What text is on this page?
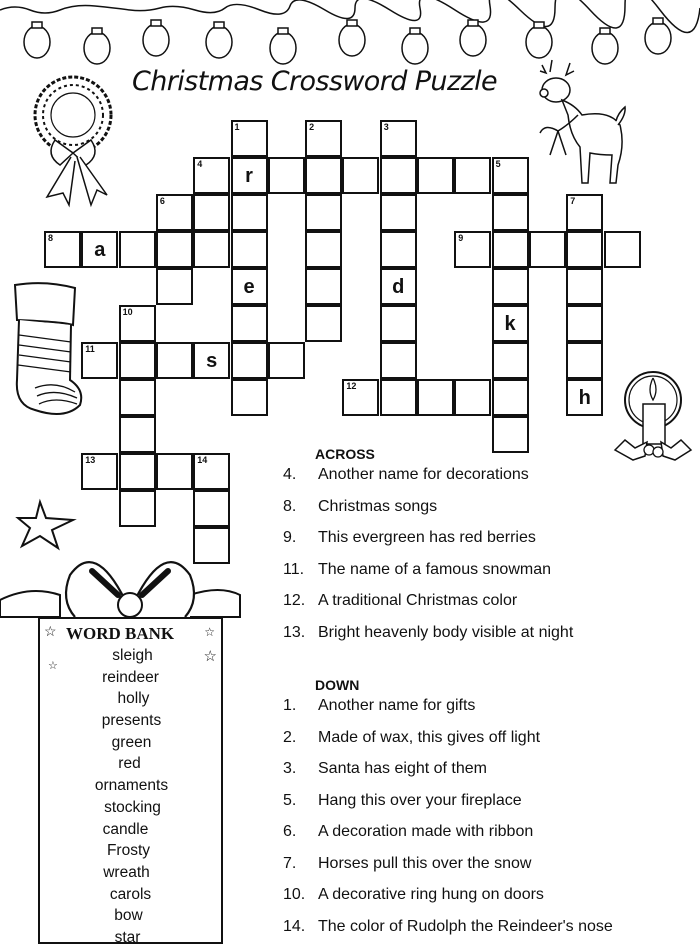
Christmas Crossword Puzzle
1	2	3
4
r
5
6	7
8
a
9
e	d
10
k
11
s
12
h
13	14	ACROSS
4.	Another name for decorations
8.	Christmas songs
9.	This evergreen has red berries
11. The name of a famous snowman
12. A traditional Christmas color
13. Bright heavenly body visible at night
DOWN
1.	Another name for gifts
2.	Made of wax, this gives off light
3.	Santa has eight of them
5.	Hang this over your fireplace
6.	A decoration made with ribbon
7.	Horses pull this over the snow
10. A decorative ring hung on doors
14. The color of Rudolph the Reindeer's nose
WORD BANK
☆
☆
☆
☆
sleigh
reindeer
holly
presents
green
red
ornaments
stocking
candle
Frosty
wreath
carols
bow
star
